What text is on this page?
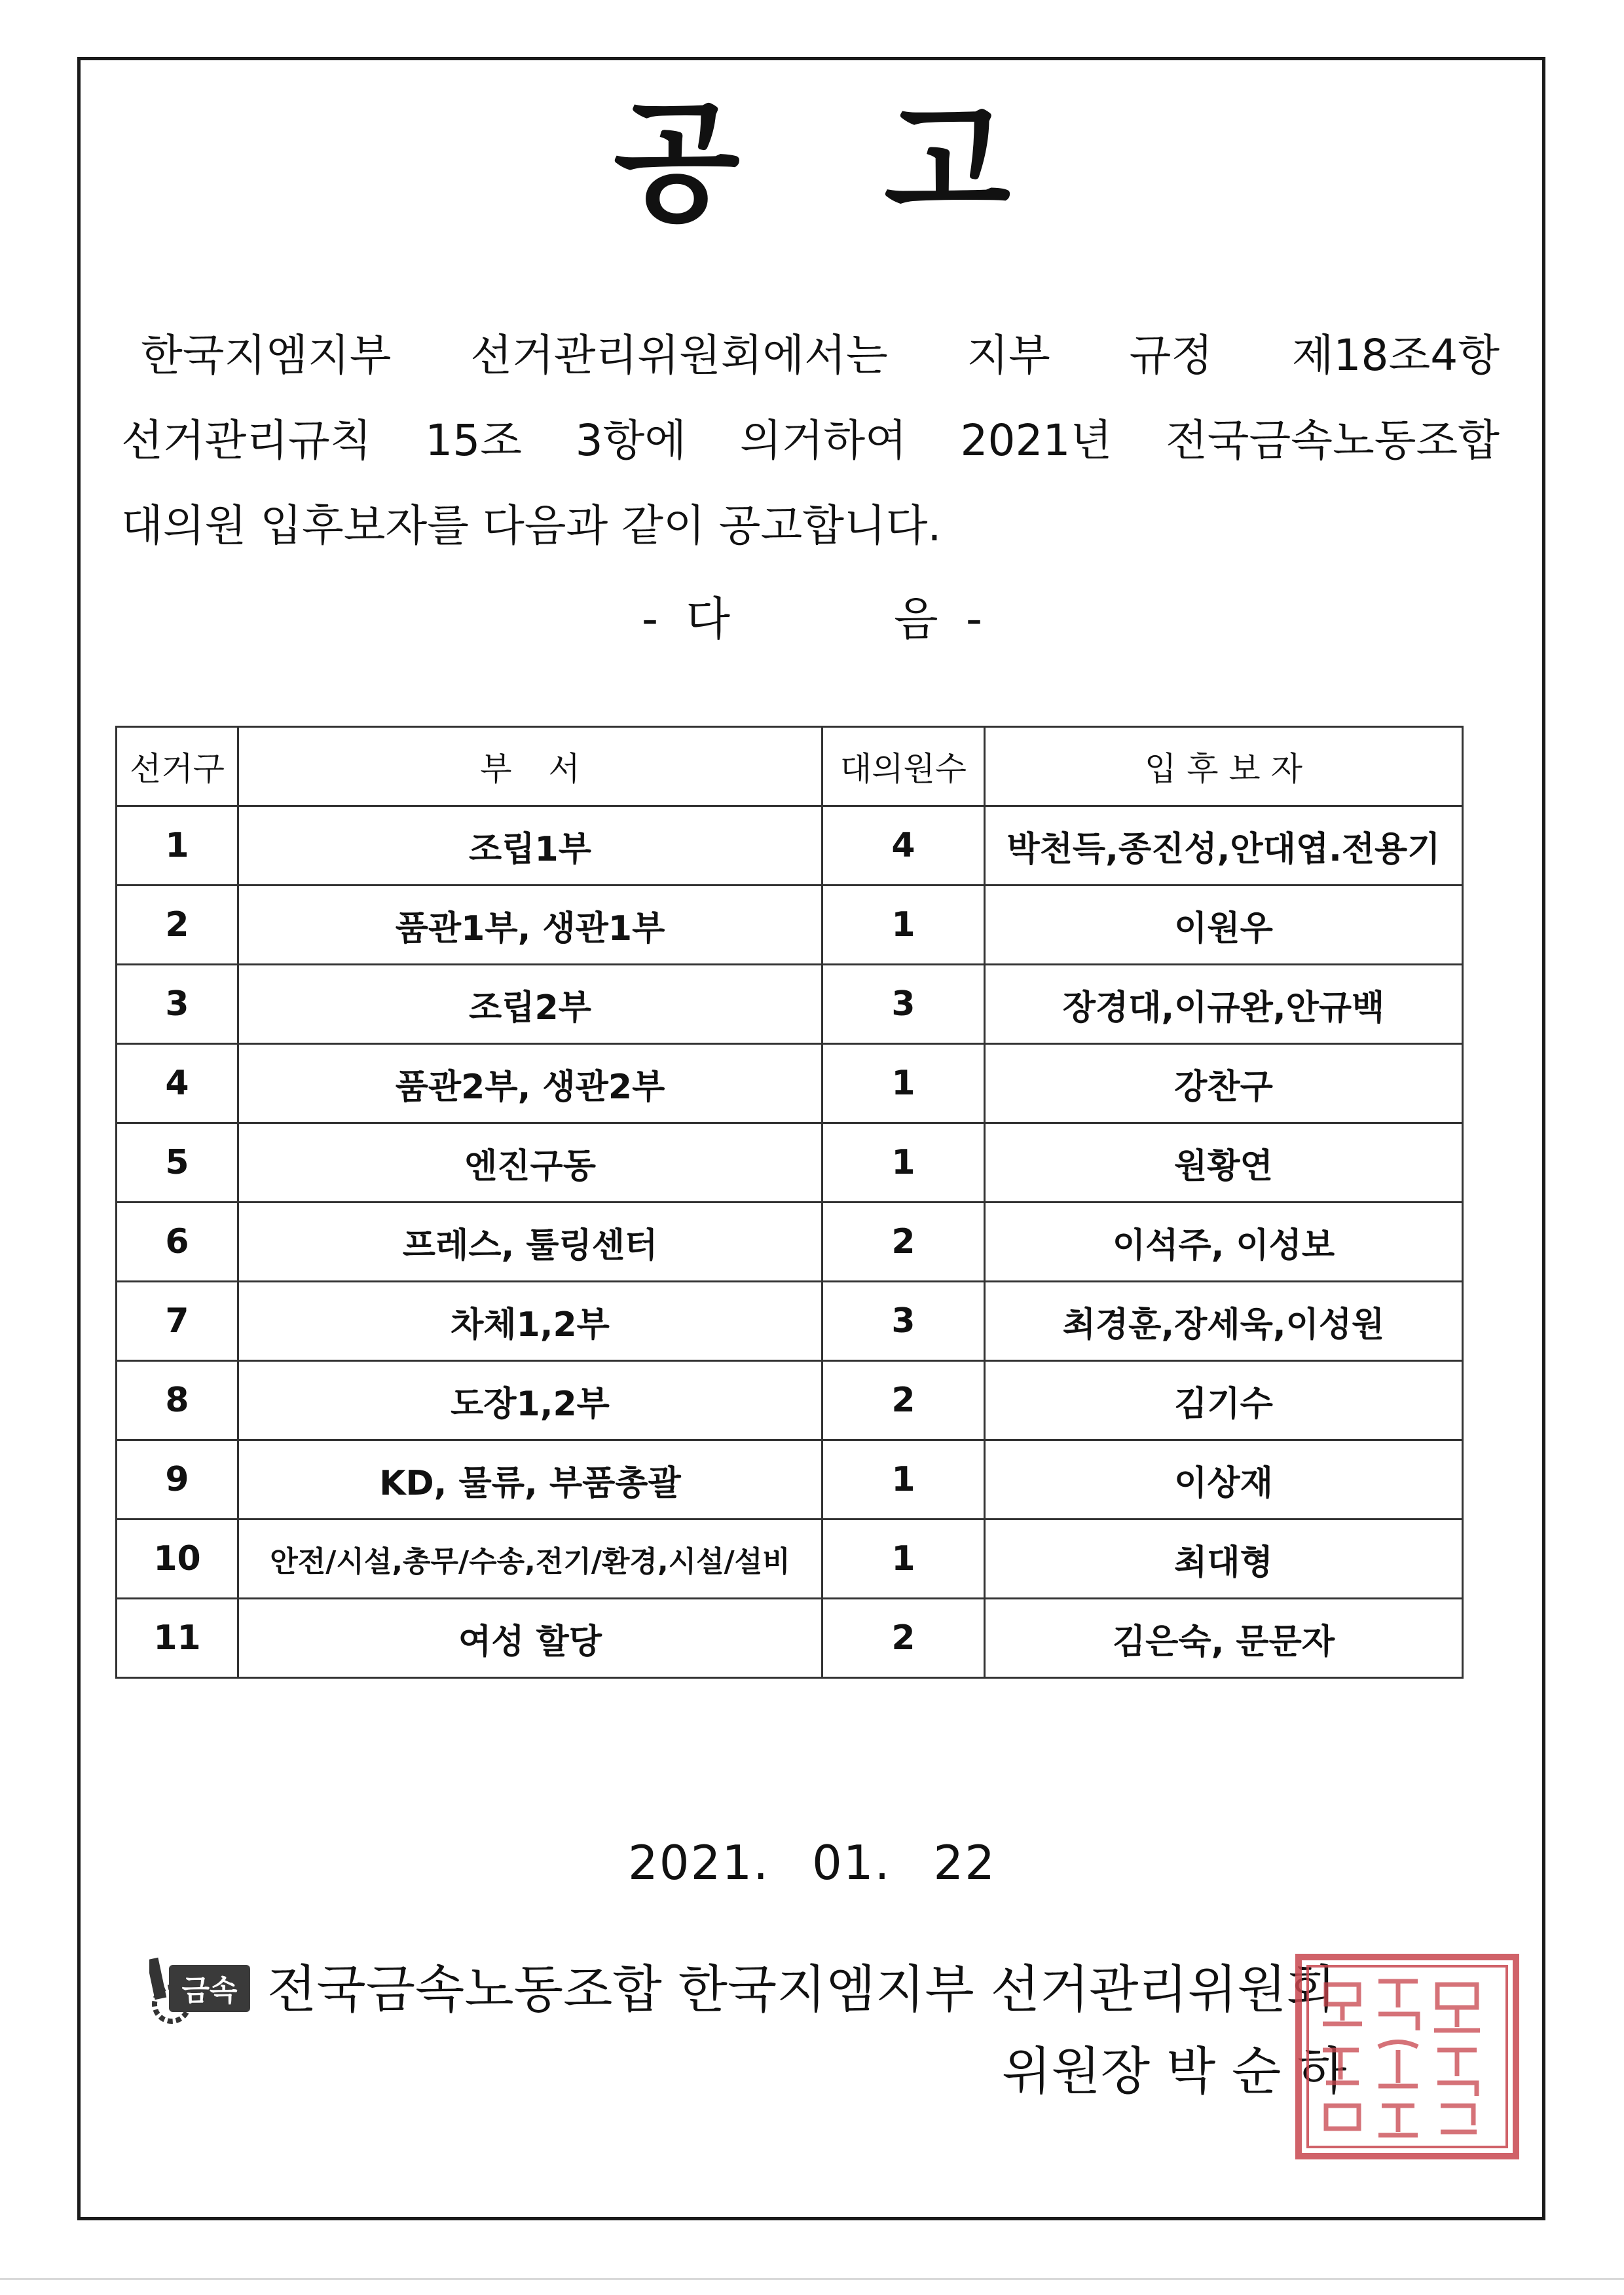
공 고
한국지엠지부 선거관리위원회에서는 지부 규정 제18조4항
선거관리규칙 15조 3항에 의거하여 2021년 전국금속노동조합
대의원 입후보자를 다음과 같이 공고합니다.
- 다	음 -
선거구	부 서	대의원수	입 후 보 자
1	조립1부	4	박천득,종진성,안대엽.전용기
2	품관1부, 생관1부	1	이원우
3	조립2부	3	장경대,이규완,안규백
4	품관2부, 생관2부	1	강찬구
5	엔진구동	1	원황연
6	프레스, 툴링센터	2	이석주, 이성보
7	차체1,2부	3	최경훈,장세욱,이성원
8	도장1,2부	2	김기수
9	KD, 물류, 부품총괄	1	이상재
10	안전/시설,총무/수송,전기/환경,시설/설비	1	최대형
11	여성 할당	2	김은숙, 문문자
2021. 01. 22
금속 전국금속노동조합 한국지엠지부 선거관리위원회
위원장 박 순 하
